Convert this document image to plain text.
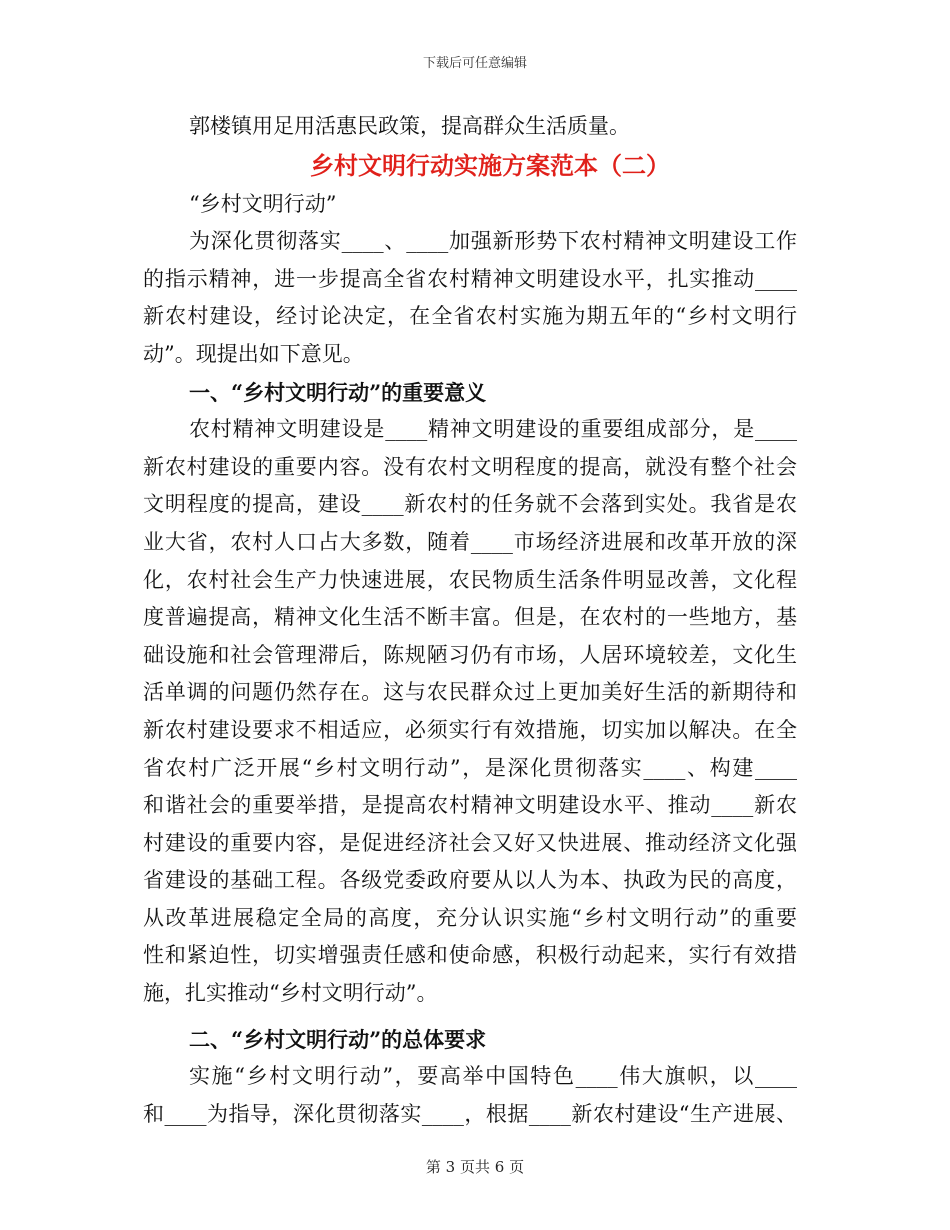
下载后可任意编辑
郭楼镇用足用活惠民政策，提高群众生活质量。
乡村文明行动实施方案范本（二）
“乡村文明行动”
为深化贯彻落实____、____加强新形势下农村精神文明建设工作
的指示精神，进一步提高全省农村精神文明建设水平，扎实推动____
新农村建设，经讨论决定，在全省农村实施为期五年的“乡村文明行
动”。现提出如下意见。
一、“乡村文明行动”的重要意义
农村精神文明建设是____精神文明建设的重要组成部分，是____
新农村建设的重要内容。没有农村文明程度的提高，就没有整个社会
文明程度的提高，建设____新农村的任务就不会落到实处。我省是农
业大省，农村人口占大多数，随着____市场经济进展和改革开放的深
化，农村社会生产力快速进展，农民物质生活条件明显改善，文化程
度普遍提高，精神文化生活不断丰富。但是，在农村的一些地方，基
础设施和社会管理滞后，陈规陋习仍有市场，人居环境较差，文化生
活单调的问题仍然存在。这与农民群众过上更加美好生活的新期待和
新农村建设要求不相适应，必须实行有效措施，切实加以解决。在全
省农村广泛开展“乡村文明行动”，是深化贯彻落实____、构建____
和谐社会的重要举措，是提高农村精神文明建设水平、推动____新农
村建设的重要内容，是促进经济社会又好又快进展、推动经济文化强
省建设的基础工程。各级党委政府要从以人为本、执政为民的高度，
从改革进展稳定全局的高度，充分认识实施“乡村文明行动”的重要
性和紧迫性，切实增强责任感和使命感，积极行动起来，实行有效措
施，扎实推动“乡村文明行动”。
二、“乡村文明行动”的总体要求
实施“乡村文明行动”，要高举中国特色____伟大旗帜，以____
和____为指导，深化贯彻落实____，根据____新农村建设“生产进展、
第 3 页共 6 页
